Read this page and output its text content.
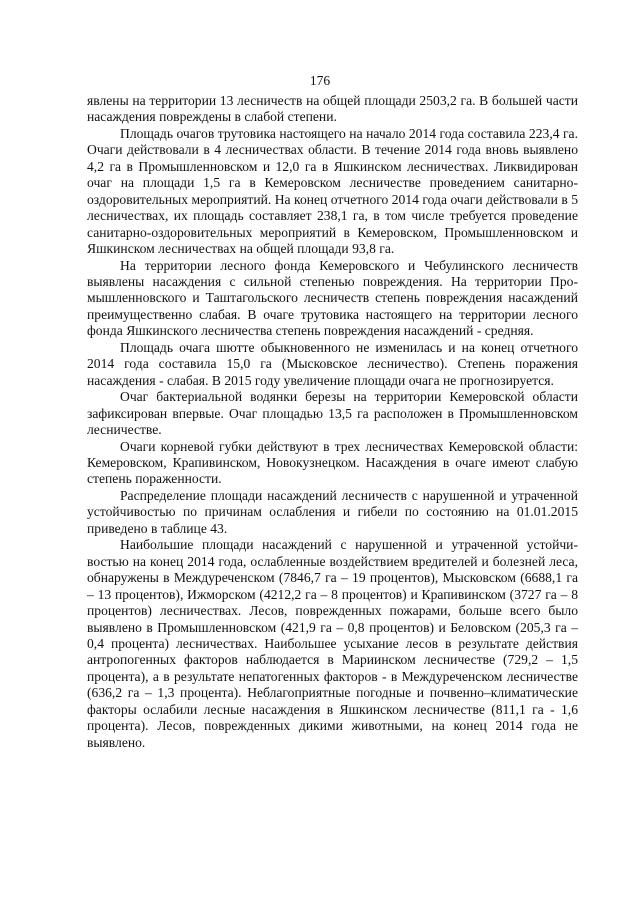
176

явлены на территории 13 лесничеств на общей площади 2503,2 га. В большей части насаждения повреждены в слабой степени.

Площадь очагов трутовика настоящего на начало 2014 года составила 223,4 га. Очаги действовали в 4 лесничествах области. В течение 2014 года вновь выявлено 4,2 га в Промышленновском и 12,0 га в Яшкинском лесничествах. Ликвидирован очаг на площади 1,5 га в Кемеровском лесничестве проведением санитарно-оздоровительных мероприятий. На конец отчетного 2014 года очаги действовали в 5 лесничествах, их площадь составляет 238,1 га, в том числе требуется проведение санитарно-оздоровительных мероприятий в Кемеровском, Промышленновском и Яшкинском лесничествах на общей площади 93,8 га.

На территории лесного фонда Кемеровского и Чебулинского лесничеств выявлены насаждения с сильной степенью повреждения. На территории Промышленновского и Таштагольского лесничеств степень повреждения насаждений преимущественно слабая. В очаге трутовика настоящего на территории лесного фонда Яшкинского лесничества степень повреждения насаждений - средняя.

Площадь очага шютте обыкновенного не изменилась и на конец отчетного 2014 года составила 15,0 га (Мысковское лесничество). Степень поражения насаждения - слабая. В 2015 году увеличение площади очага не прогнозируется.

Очаг бактериальной водянки березы на территории Кемеровской области зафиксирован впервые. Очаг площадью 13,5 га расположен в Промышленновском лесничестве.

Очаги корневой губки действуют в трех лесничествах Кемеровской области: Кемеровском, Крапивинском, Новокузнецком. Насаждения в очаге имеют слабую степень пораженности.

Распределение площади насаждений лесничеств с нарушенной и утраченной устойчивостью по причинам ослабления и гибели по состоянию на 01.01.2015 приведено в таблице 43.

Наибольшие площади насаждений с нарушенной и утраченной устойчивостью на конец 2014 года, ослабленные воздействием вредителей и болезней леса, обнаружены в Междуреченском (7846,7 га – 19 процентов), Мысковском (6688,1 га – 13 процентов), Ижморском (4212,2 га – 8 процентов) и Крапивинском (3727 га – 8 процентов) лесничествах. Лесов, поврежденных пожарами, больше всего было выявлено в Промышленновском (421,9 га – 0,8 процентов) и Беловском (205,3 га – 0,4 процента) лесничествах. Наибольшее усыхание лесов в результате действия антропогенных факторов наблюдается в Мариинском лесничестве (729,2 – 1,5 процента), а в результате непатогенных факторов - в Междуреченском лесничестве (636,2 га – 1,3 процента). Неблагоприятные погодные и почвенно–климатические факторы ослабили лесные насаждения в Яшкинском лесничестве (811,1 га - 1,6 процента). Лесов, поврежденных дикими животными, на конец 2014 года не выявлено.
